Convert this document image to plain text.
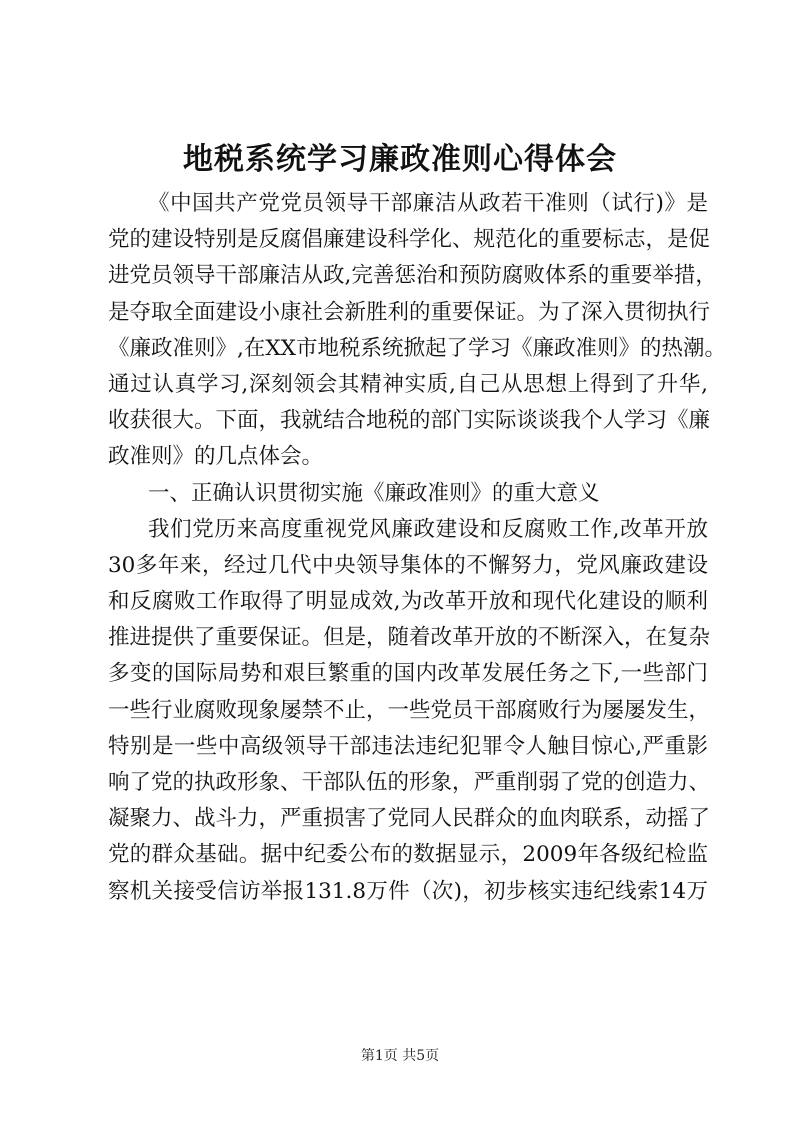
地税系统学习廉政准则心得体会
《中国共产党党员领导干部廉洁从政若干准则（试行)》是
党的建设特别是反腐倡廉建设科学化、规范化的重要标志，是促
进党员领导干部廉洁从政,完善惩治和预防腐败体系的重要举措，
是夺取全面建设小康社会新胜利的重要保证。为了深入贯彻执行
《廉政准则》,在XX市地税系统掀起了学习《廉政准则》的热潮。
通过认真学习,深刻领会其精神实质,自己从思想上得到了升华,
收获很大。下面，我就结合地税的部门实际谈谈我个人学习《廉
政准则》的几点体会。
一、正确认识贯彻实施《廉政准则》的重大意义
我们党历来高度重视党风廉政建设和反腐败工作,改革开放
30多年来，经过几代中央领导集体的不懈努力，党风廉政建设
和反腐败工作取得了明显成效,为改革开放和现代化建设的顺利
推进提供了重要保证。但是，随着改革开放的不断深入，在复杂
多变的国际局势和艰巨繁重的国内改革发展任务之下,一些部门
一些行业腐败现象屡禁不止，一些党员干部腐败行为屡屡发生，
特别是一些中高级领导干部违法违纪犯罪令人触目惊心,严重影
响了党的执政形象、干部队伍的形象，严重削弱了党的创造力、
凝聚力、战斗力，严重损害了党同人民群众的血肉联系，动摇了
党的群众基础。据中纪委公布的数据显示，2009年各级纪检监
察机关接受信访举报131.8万件（次)，初步核实违纪线索14万
第1页 共5页
